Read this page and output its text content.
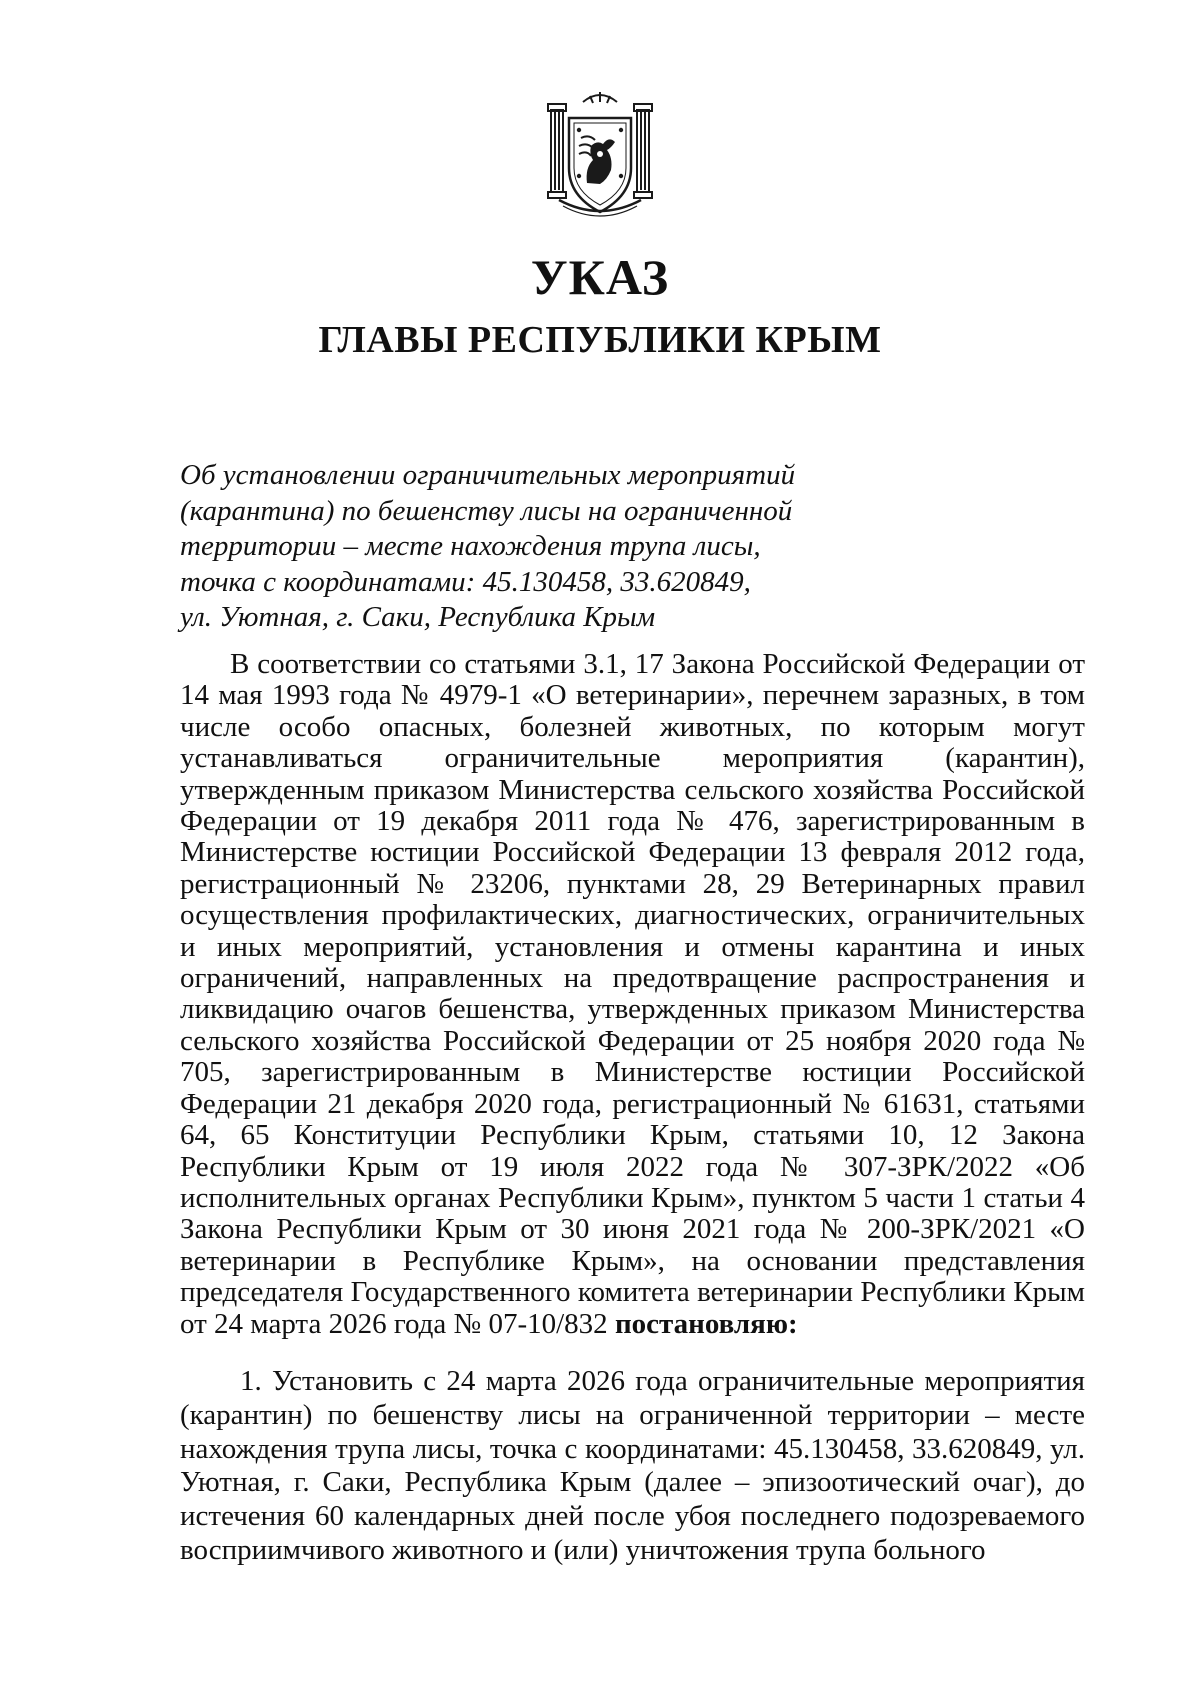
УКАЗ
ГЛАВЫ РЕСПУБЛИКИ КРЫМ
Об установлении ограничительных мероприятий
(карантина) по бешенству лисы на ограниченной
территории – месте нахождения трупа лисы,
точка с координатами: 45.130458, 33.620849,
ул. Уютная, г. Саки, Республика Крым

В соответствии со статьями 3.1, 17 Закона Российской Федерации от 14 мая 1993 года № 4979-1 «О ветеринарии», перечнем заразных, в том числе особо опасных, болезней животных, по которым могут устанавливаться ограничительные мероприятия (карантин), утвержденным приказом Министерства сельского хозяйства Российской Федерации от 19 декабря 2011 года № 476, зарегистрированным в Министерстве юстиции Российской Федерации 13 февраля 2012 года, регистрационный № 23206, пунктами 28, 29 Ветеринарных правил осуществления профилактических, диагностических, ограничительных и иных мероприятий, установления и отмены карантина и иных ограничений, направленных на предотвращение распространения и ликвидацию очагов бешенства, утвержденных приказом Министерства сельского хозяйства Российской Федерации от 25 ноября 2020 года № 705, зарегистрированным в Министерстве юстиции Российской Федерации 21 декабря 2020 года, регистрационный № 61631, статьями 64, 65 Конституции Республики Крым, статьями 10, 12 Закона Республики Крым от 19 июля 2022 года № 307-ЗРК/2022 «Об исполнительных органах Республики Крым», пунктом 5 части 1 статьи 4 Закона Республики Крым от 30 июня 2021 года № 200-ЗРК/2021 «О ветеринарии в Республике Крым», на основании представления председателя Государственного комитета ветеринарии Республики Крым от 24 марта 2026 года № 07-10/832 постановляю:

1. Установить с 24 марта 2026 года ограничительные мероприятия (карантин) по бешенству лисы на ограниченной территории – месте нахождения трупа лисы, точка с координатами: 45.130458, 33.620849, ул. Уютная, г. Саки, Республика Крым (далее – эпизоотический очаг), до истечения 60 календарных дней после убоя последнего подозреваемого восприимчивого животного и (или) уничтожения трупа больного
